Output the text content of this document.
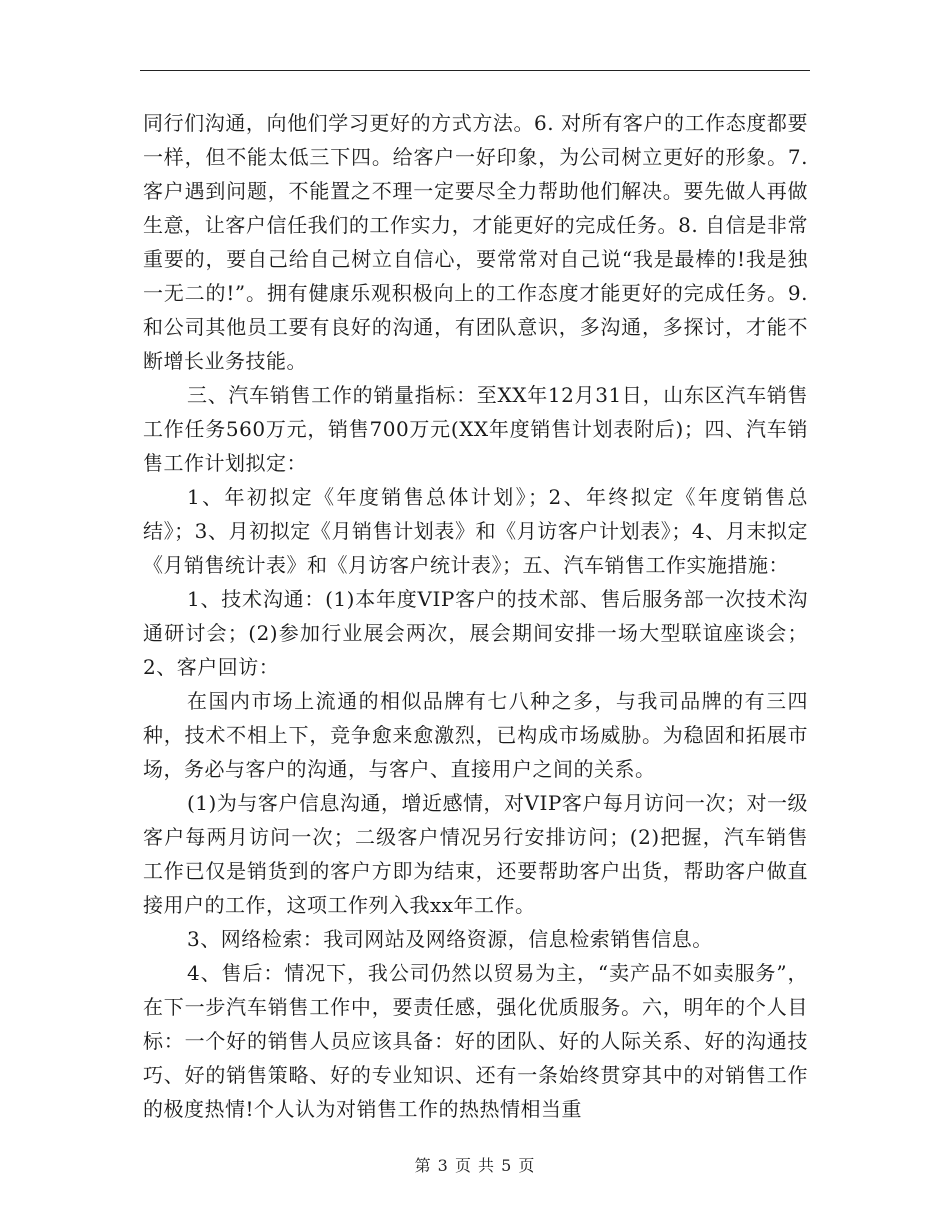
同行们沟通，向他们学习更好的方式方法。6. 对所有客户的工作态度都要一样，但不能太低三下四。给客户一好印象，为公司树立更好的形象。7. 客户遇到问题，不能置之不理一定要尽全力帮助他们解决。要先做人再做生意，让客户信任我们的工作实力，才能更好的完成任务。8. 自信是非常重要的，要自己给自己树立自信心，要常常对自己说“我是最棒的!我是独一无二的!”。拥有健康乐观积极向上的工作态度才能更好的完成任务。9. 和公司其他员工要有良好的沟通，有团队意识，多沟通，多探讨，才能不断增长业务技能。

三、汽车销售工作的销量指标：至XX年12月31日，山东区汽车销售工作任务560万元，销售700万元(XX年度销售计划表附后)；四、汽车销售工作计划拟定：

1、年初拟定《年度销售总体计划》；2、年终拟定《年度销售总结》；3、月初拟定《月销售计划表》和《月访客户计划表》；4、月末拟定《月销售统计表》和《月访客户统计表》；五、汽车销售工作实施措施：

1、技术沟通：(1)本年度VIP客户的技术部、售后服务部一次技术沟通研讨会；(2)参加行业展会两次，展会期间安排一场大型联谊座谈会；2、客户回访：

在国内市场上流通的相似品牌有七八种之多，与我司品牌的有三四种，技术不相上下，竞争愈来愈激烈，已构成市场威胁。为稳固和拓展市场，务必与客户的沟通，与客户、直接用户之间的关系。

(1)为与客户信息沟通，增近感情，对VIP客户每月访问一次；对一级客户每两月访问一次；二级客户情况另行安排访问；(2)把握，汽车销售工作已仅是销货到的客户方即为结束，还要帮助客户出货，帮助客户做直接用户的工作，这项工作列入我xx年工作。

3、网络检索：我司网站及网络资源，信息检索销售信息。

4、售后：情况下，我公司仍然以贸易为主，“卖产品不如卖服务”，在下一步汽车销售工作中，要责任感，强化优质服务。六，明年的个人目标：一个好的销售人员应该具备：好的团队、好的人际关系、好的沟通技巧、好的销售策略、好的专业知识、还有一条始终贯穿其中的对销售工作的极度热情!个人认为对销售工作的热热情相当重

第 3 页 共 5 页
